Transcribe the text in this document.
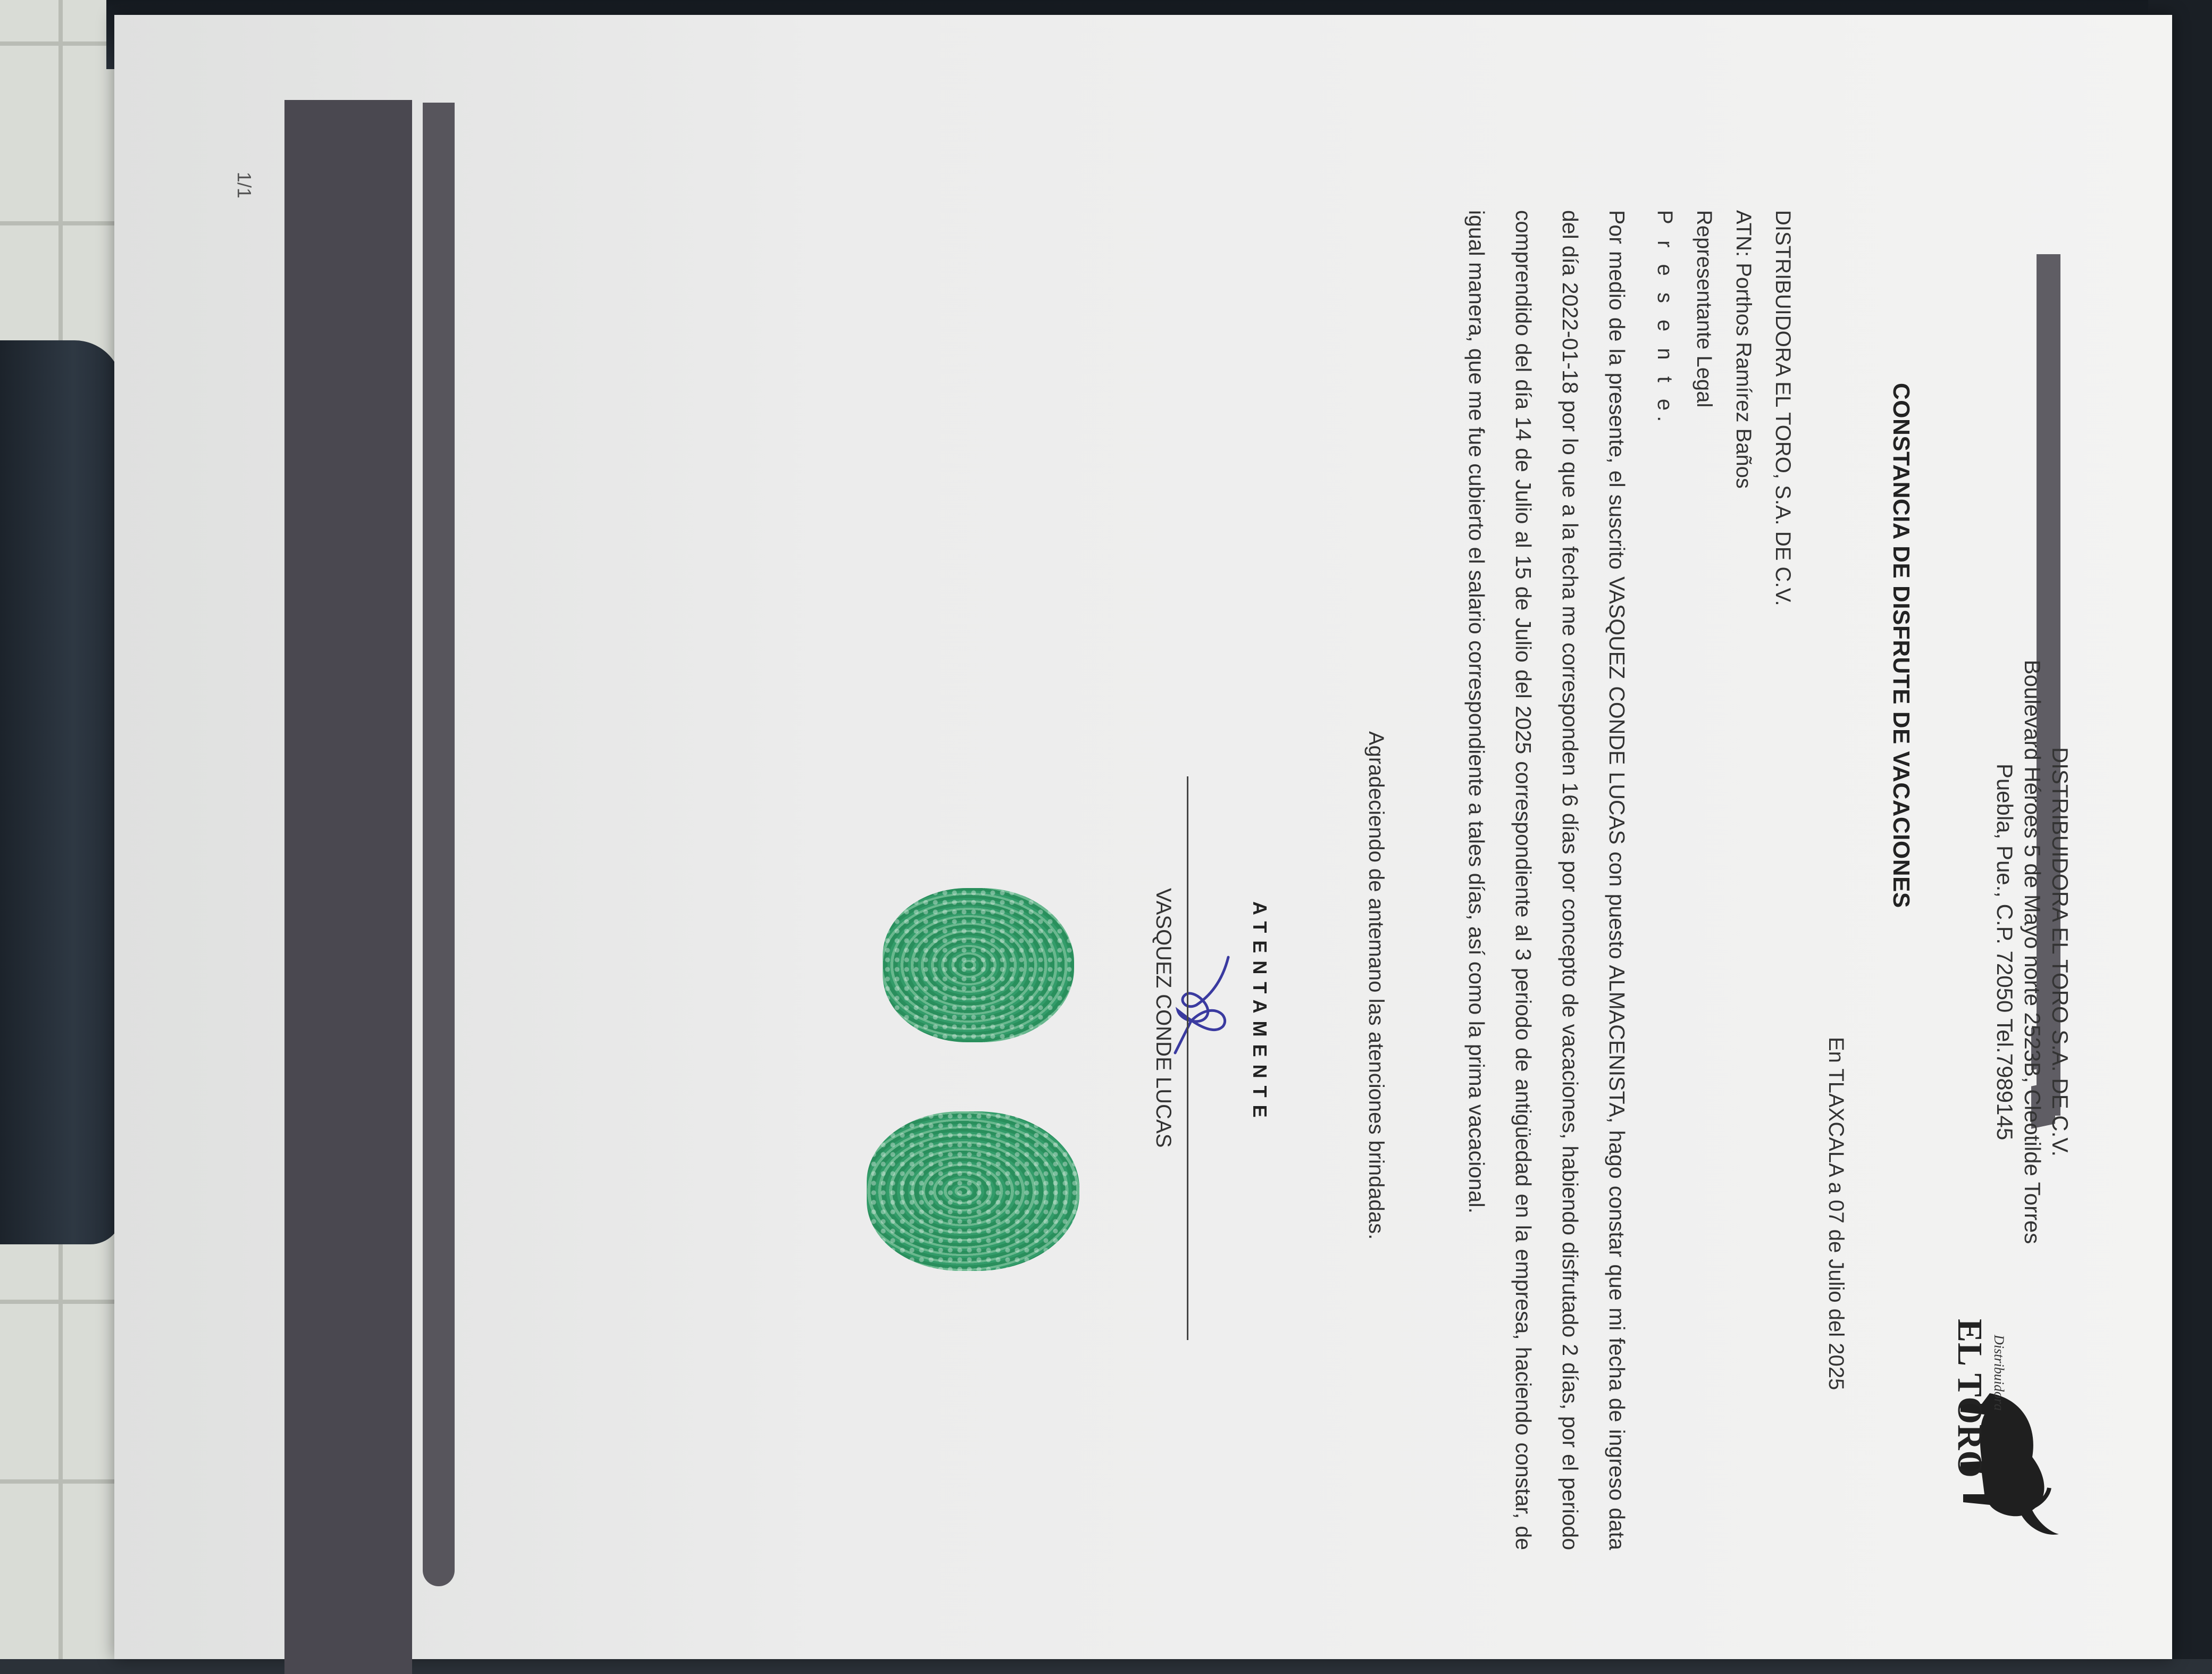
1/1
DISTRIBUIDORA EL TORO S.A. DE C.V.
Boulevard Héroes 5 de Mayo norte 2523B, Cleotilde Torres
Puebla, Pue., C.P. 72050 Tel.7989145
Distribuidora
EL TORO
CONSTANCIA DE DISFRUTE DE VACACIONES
En TLAXCALA a 07 de Julio del 2025
DISTRIBUIDORA EL TORO, S.A. DE C.V.
ATN: Porthos Ramírez Baños
Representante Legal
P r e s e n t e.
Por medio de la presente, el suscrito VASQUEZ CONDE LUCAS con puesto ALMACENISTA, hago constar que mi fecha de ingreso data del día 2022-01-18 por lo que a la fecha me corresponden 16 días por concepto de vacaciones, habiendo disfrutado 2 días, por el periodo comprendido del día 14 de Julio al 15 de Julio del 2025 correspondiente al 3 periodo de antigüedad en la empresa, haciendo constar, de igual manera, que me fue cubierto el salario correspondiente a tales días, así como la prima vacacional.
Agradeciendo de antemano las atenciones brindadas.
ATENTAMENTE
VASQUEZ CONDE LUCAS
